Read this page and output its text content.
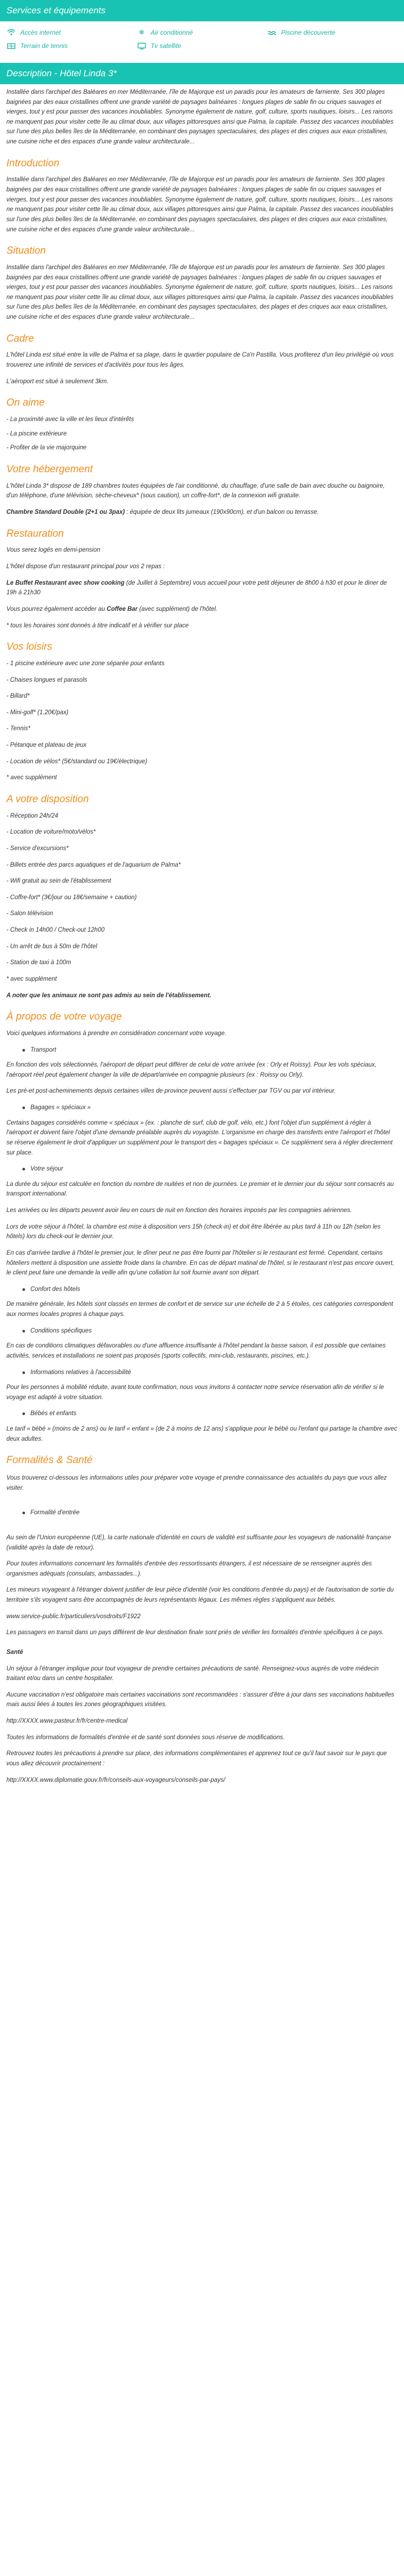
Services et équipements
Accès internet	❄ Air conditionné	Piscine découverte
Terrain de tennis	Tv satellite
Description - Hôtel Linda 3*

Installée dans l'archipel des Baléares en mer Méditerranée, l'île de Majorque est un paradis pour les amateurs de farniente. Ses 300 plages baignées par des eaux cristallines offrent une grande variété de paysages balnéaires : longues plages de sable fin ou criques sauvages et vierges, tout y est pour passer des vacances inoubliables. Synonyme également de nature, golf, culture, sports nautiques, loisirs... Les raisons ne manquent pas pour visiter cette île au climat doux, aux villages pittoresques ainsi que Palma, la capitale. Passez des vacances inoubliables sur l'une des plus belles îles de la Méditerranée, en combinant des paysages spectaculaires, des plages et des criques aux eaux cristallines, une cuisine riche et des espaces d'une grande valeur architecturale...

Introduction

Installée dans l'archipel des Baléares en mer Méditerranée, l'île de Majorque est un paradis pour les amateurs de farniente. Ses 300 plages baignées par des eaux cristallines offrent une grande variété de paysages balnéaires : longues plages de sable fin ou criques sauvages et vierges, tout y est pour passer des vacances inoubliables. Synonyme également de nature, golf, culture, sports nautiques, loisirs... Les raisons ne manquent pas pour visiter cette île au climat doux, aux villages pittoresques ainsi que Palma, la capitale. Passez des vacances inoubliables sur l'une des plus belles îles de la Méditerranée, en combinant des paysages spectaculaires, des plages et des criques aux eaux cristallines, une cuisine riche et des espaces d'une grande valeur architecturale...

Situation

Installée dans l'archipel des Baléares en mer Méditerranée, l'île de Majorque est un paradis pour les amateurs de farniente. Ses 300 plages baignées par des eaux cristallines offrent une grande variété de paysages balnéaires : longues plages de sable fin ou criques sauvages et vierges, tout y est pour passer des vacances inoubliables. Synonyme également de nature, golf, culture, sports nautiques, loisirs... Les raisons ne manquent pas pour visiter cette île au climat doux, aux villages pittoresques ainsi que Palma, la capitale. Passez des vacances inoubliables sur l'une des plus belles îles de la Méditerranée, en combinant des paysages spectaculaires, des plages et des criques aux eaux cristallines, une cuisine riche et des espaces d'une grande valeur architecturale...

Cadre

L'hôtel Linda est situé entre la ville de Palma et sa plage, dans le quartier populaire de Ca'n Pastilla. Vous profiterez d'un lieu privilégié où vous trouverez une infinité de services et d'activités pour tous les âges.

L'aéroport est situé à seulement 3km.

On aime

- La proximité avec la ville et les lieux d'intérêts

- La piscine extérieure

- Profiter de la vie majorquine

Votre hébergement

L'hôtel Linda 3* dispose de 189 chambres toutes équipées de l'air conditionné, du chauffage, d'une salle de bain avec douche ou baignoire, d'un téléphone, d'une télévision, sèche-cheveux* (sous caution), un coffre-fort*, de la connexion wifi gratuite.

Chambre Standard Double (2+1 ou 3pax) : équipée de deux lits jumeaux (190x90cm), et d'un balcon ou terrasse.

Restauration

Vous serez logés en demi-pension

L'hôtel dispose d'un restaurant principal pour vos 2 repas :

Le Buffet Restaurant avec show cooking (de Juillet à Septembre) vous accueil pour votre petit déjeuner de 8h00 à h30 et pour le diner de 19h à 21h30

Vous pourrez également accéder au Coffee Bar (avec supplément) de l'hôtel.

* tous les horaires sont donnés à titre indicatif et à vérifier sur place

Vos loisirs

- 1 piscine extérieure avec une zone séparée pour enfants

- Chaises longues et parasols

- Billard*

- Mini-golf* (1.20€/pax)

- Tennis*

- Pétanque et plateau de jeux

- Location de vélos* (5€/standard ou 19€/électrique)

* avec supplément

A votre disposition

- Réception 24h/24

- Location de voiture/moto/vélos*

- Service d'excursions*

- Billets entrée des parcs aquatiques et de l'aquarium de Palma*

- Wifi gratuit au sein de l'établissement

- Coffre-fort* (3€/jour ou 18€/semaine + caution)

- Salon télévision

- Check in 14h00 / Check-out 12h00

- Un arrêt de bus à 50m de l'hôtel

- Station de taxi à 100m

* avec supplément

A noter que les animaux ne sont pas admis au sein de l'établissement.

À propos de votre voyage

Voici quelques informations à prendre en considération concernant votre voyage.

Transport

En fonction des vols sélectionnés, l'aéroport de départ peut différer de celui de votre arrivée (ex : Orly et Roissy). Pour les vols spéciaux, l'aéroport réel peut également changer la ville de départ/arrivée en compagnie plusieurs (ex : Roissy ou Orly).

Les pré-et post-acheminements depuis certaines villes de province peuvent aussi s'effectuer par TGV ou par vol intérieur.

Bagages « spéciaux »

Certains bagages considérés comme « spéciaux » (ex. : planche de surf, club de golf, vélo, etc.) font l'objet d'un supplément à régler à l'aéroport et doivent faire l'objet d'une demande préalable auprès du voyagiste. L'organisme en charge des transferts entre l'aéroport et l'hôtel se réserve également le droit d'appliquer un supplément pour le transport des « bagages spéciaux ». Ce supplément sera à régler directement sur place.

Votre séjour

La durée du séjour est calculée en fonction du nombre de nuitées et non de journées. Le premier et le dernier jour du séjour sont consacrés au transport international.

Les arrivées ou les départs peuvent avoir lieu en cours de nuit en fonction des horaires imposés par les compagnies aériennes.

Lors de votre séjour à l'hôtel, la chambre est mise à disposition vers 15h (check-in) et doit être libérée au plus tard à 11h ou 12h (selon les hôtels) lors du check-out le dernier jour.

En cas d'arrivée tardive à l'hôtel le premier jour, le dîner peut ne pas être fourni par l'hôtelier si le restaurant est fermé. Cependant, certains hôteliers mettent à disposition une assiette froide dans la chambre. En cas de départ matinal de l'hôtel, si le restaurant n'est pas encore ouvert, le client peut faire une demande la veille afin qu'une collation lui soit fournie avant son départ.

Confort des hôtels

De manière générale, les hôtels sont classés en termes de confort et de service sur une échelle de 2 à 5 étoiles, ces catégories correspondent aux normes locales propres à chaque pays.

Conditions spécifiques

En cas de conditions climatiques défavorables ou d'une affluence insuffisante à l'hôtel pendant la basse saison, il est possible que certaines activités, services et installations ne soient pas proposés (sports collectifs, mini-club, restaurants, piscines, etc.).

Informations relatives à l'accessibilité

Pour les personnes à mobilité réduite, avant toute confirmation, nous vous invitons à contacter notre service réservation afin de vérifier si le voyage est adapté à votre situation.

Bébés et enfants

Le tarif « bébé » (moins de 2 ans) ou le tarif « enfant » (de 2 à moins de 12 ans) s'applique pour le bébé ou l'enfant qui partage la chambre avec deux adultes.

Formalités & Santé

Vous trouverez ci-dessous les informations utiles pour préparer votre voyage et prendre connaissance des actualités du pays que vous allez visiter.

Formalité d'entrée

Au sein de l'Union européenne (UE), la carte nationale d'identité en cours de validité est suffisante pour les voyageurs de nationalité française (validité après la date de retour).

Pour toutes informations concernant les formalités d'entrée des ressortissants étrangers, il est nécessaire de se renseigner auprès des organismes adéquats (consulats, ambassades...).

Les mineurs voyageant à l'étranger doivent justifier de leur pièce d'identité (voir les conditions d'entrée du pays) et de l'autorisation de sortie du territoire s'ils voyagent sans être accompagnés de leurs représentants légaux. Les mêmes règles s'appliquent aux bébés.

www.service-public.fr/particuliers/vosdroits/F1922

Les passagers en transit dans un pays différent de leur destination finale sont priés de vérifier les formalités d'entrée spécifiques à ce pays.

Santé

Un séjour à l'étranger implique pour tout voyageur de prendre certaines précautions de santé. Renseignez-vous auprès de votre médecin traitant et/ou dans un centre hospitalier.

Aucune vaccination n'est obligatoire mais certaines vaccinations sont recommandées : s'assurer d'être à jour dans ses vaccinations habituelles mais aussi liées à toutes les zones géographiques visitées.

http://XXXX.www.pasteur.fr/fr/centre-medical

Toutes les informations de formalités d'entrée et de santé sont données sous réserve de modifications.

Retrouvez toutes les précautions à prendre sur place, des informations complémentaires et apprenez tout ce qu'il faut savoir sur le pays que vous allez découvrir proctainement :

http://XXXX.www.diplomatie.gouv.fr/fr/conseils-aux-voyageurs/conseils-par-pays/
